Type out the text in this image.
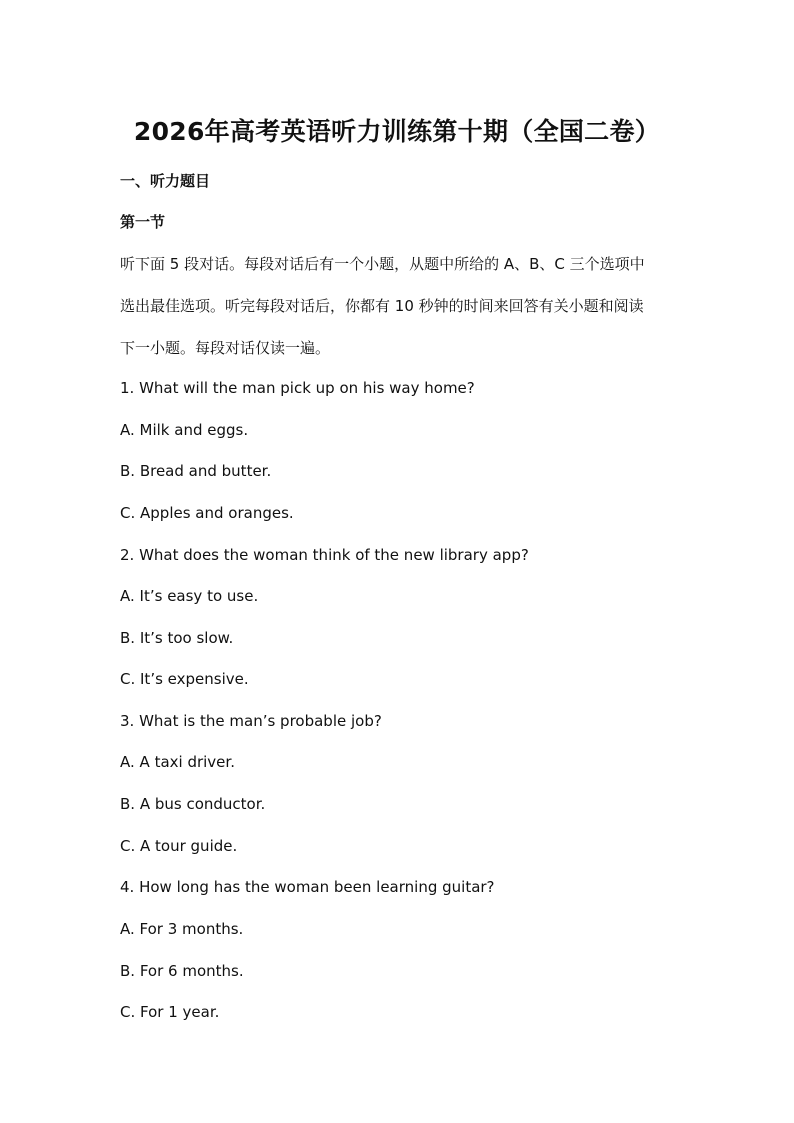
2026年高考英语听力训练第十期（全国二卷）

一、听力题目

第一节

听下面 5 段对话。每段对话后有一个小题，从题中所给的 A、B、C 三个选项中

选出最佳选项。听完每段对话后，你都有 10 秒钟的时间来回答有关小题和阅读

下一小题。每段对话仅读一遍。

1. What will the man pick up on his way home?

A. Milk and eggs.

B. Bread and butter.

C. Apples and oranges.

2. What does the woman think of the new library app?

A. It’s easy to use.

B. It’s too slow.

C. It’s expensive.

3. What is the man’s probable job?

A. A taxi driver.

B. A bus conductor.

C. A tour guide.

4. How long has the woman been learning guitar?

A. For 3 months.

B. For 6 months.

C. For 1 year.
